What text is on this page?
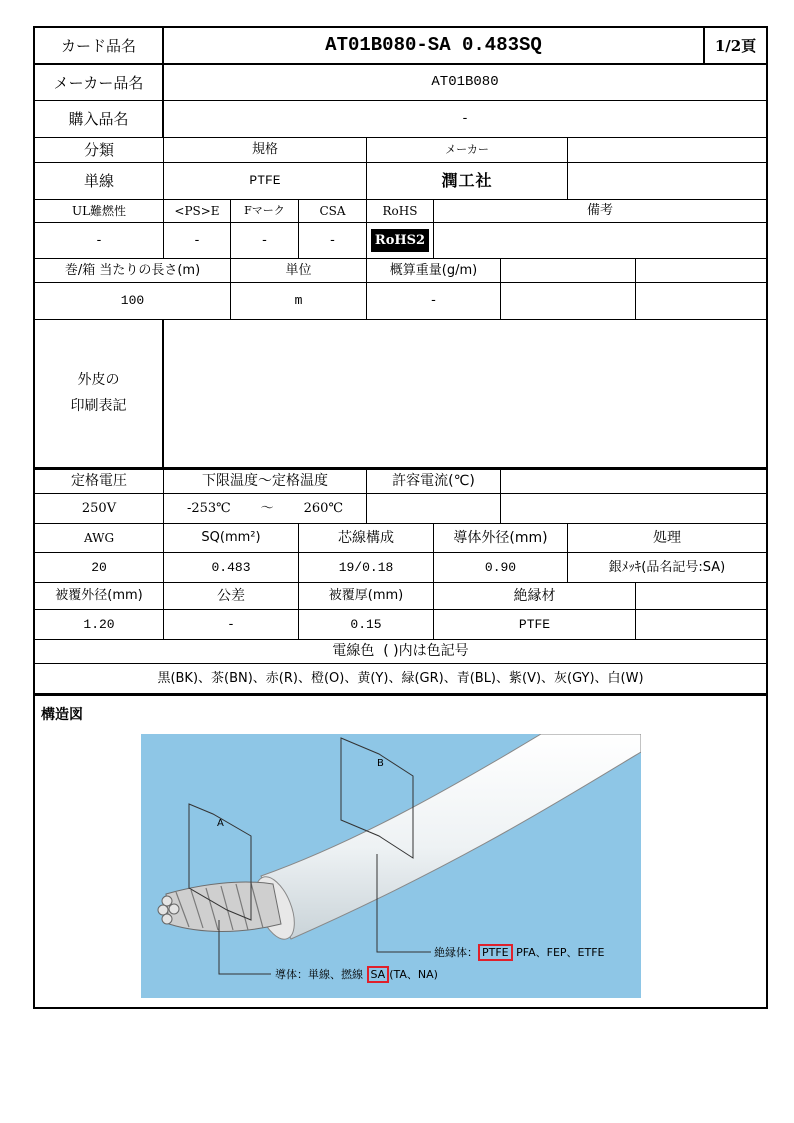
カード品名	AT01B080-SA 0.483SQ	1/2頁
メーカー品名	AT01B080
購入品名	-
分類	規格	メーカー
単線	PTFE	潤工社
UL難燃性	<PS>E	Fマーク	CSA	RoHS	備考
-	-	-	-	RoHS2
巻/箱 当たりの長さ(m)	単位	概算重量(g/m)
100	m	-
外皮の
印刷表記
定格電圧	下限温度～定格温度	許容電流(℃)
250V	-253℃ ～ 260℃
AWG	SQ(mm²)	芯線構成	導体外径(mm)	処理
20	0.483	19/0.18	0.90	銀ﾒｯｷ(品名記号:SA)
被覆外径(mm)	公差	被覆厚(mm)	絶縁材
1.20	-	0.15	PTFE
電線色  ( )内は色記号
黒(BK)、茶(BN)、赤(R)、橙(O)、黄(Y)、緑(GR)、青(BL)、紫(V)、灰(GY)、白(W)
構造図
A
B
絶縁体： PTFE PFA、FEP、ETFE
導体：単線、撚線 SA (TA、NA)
